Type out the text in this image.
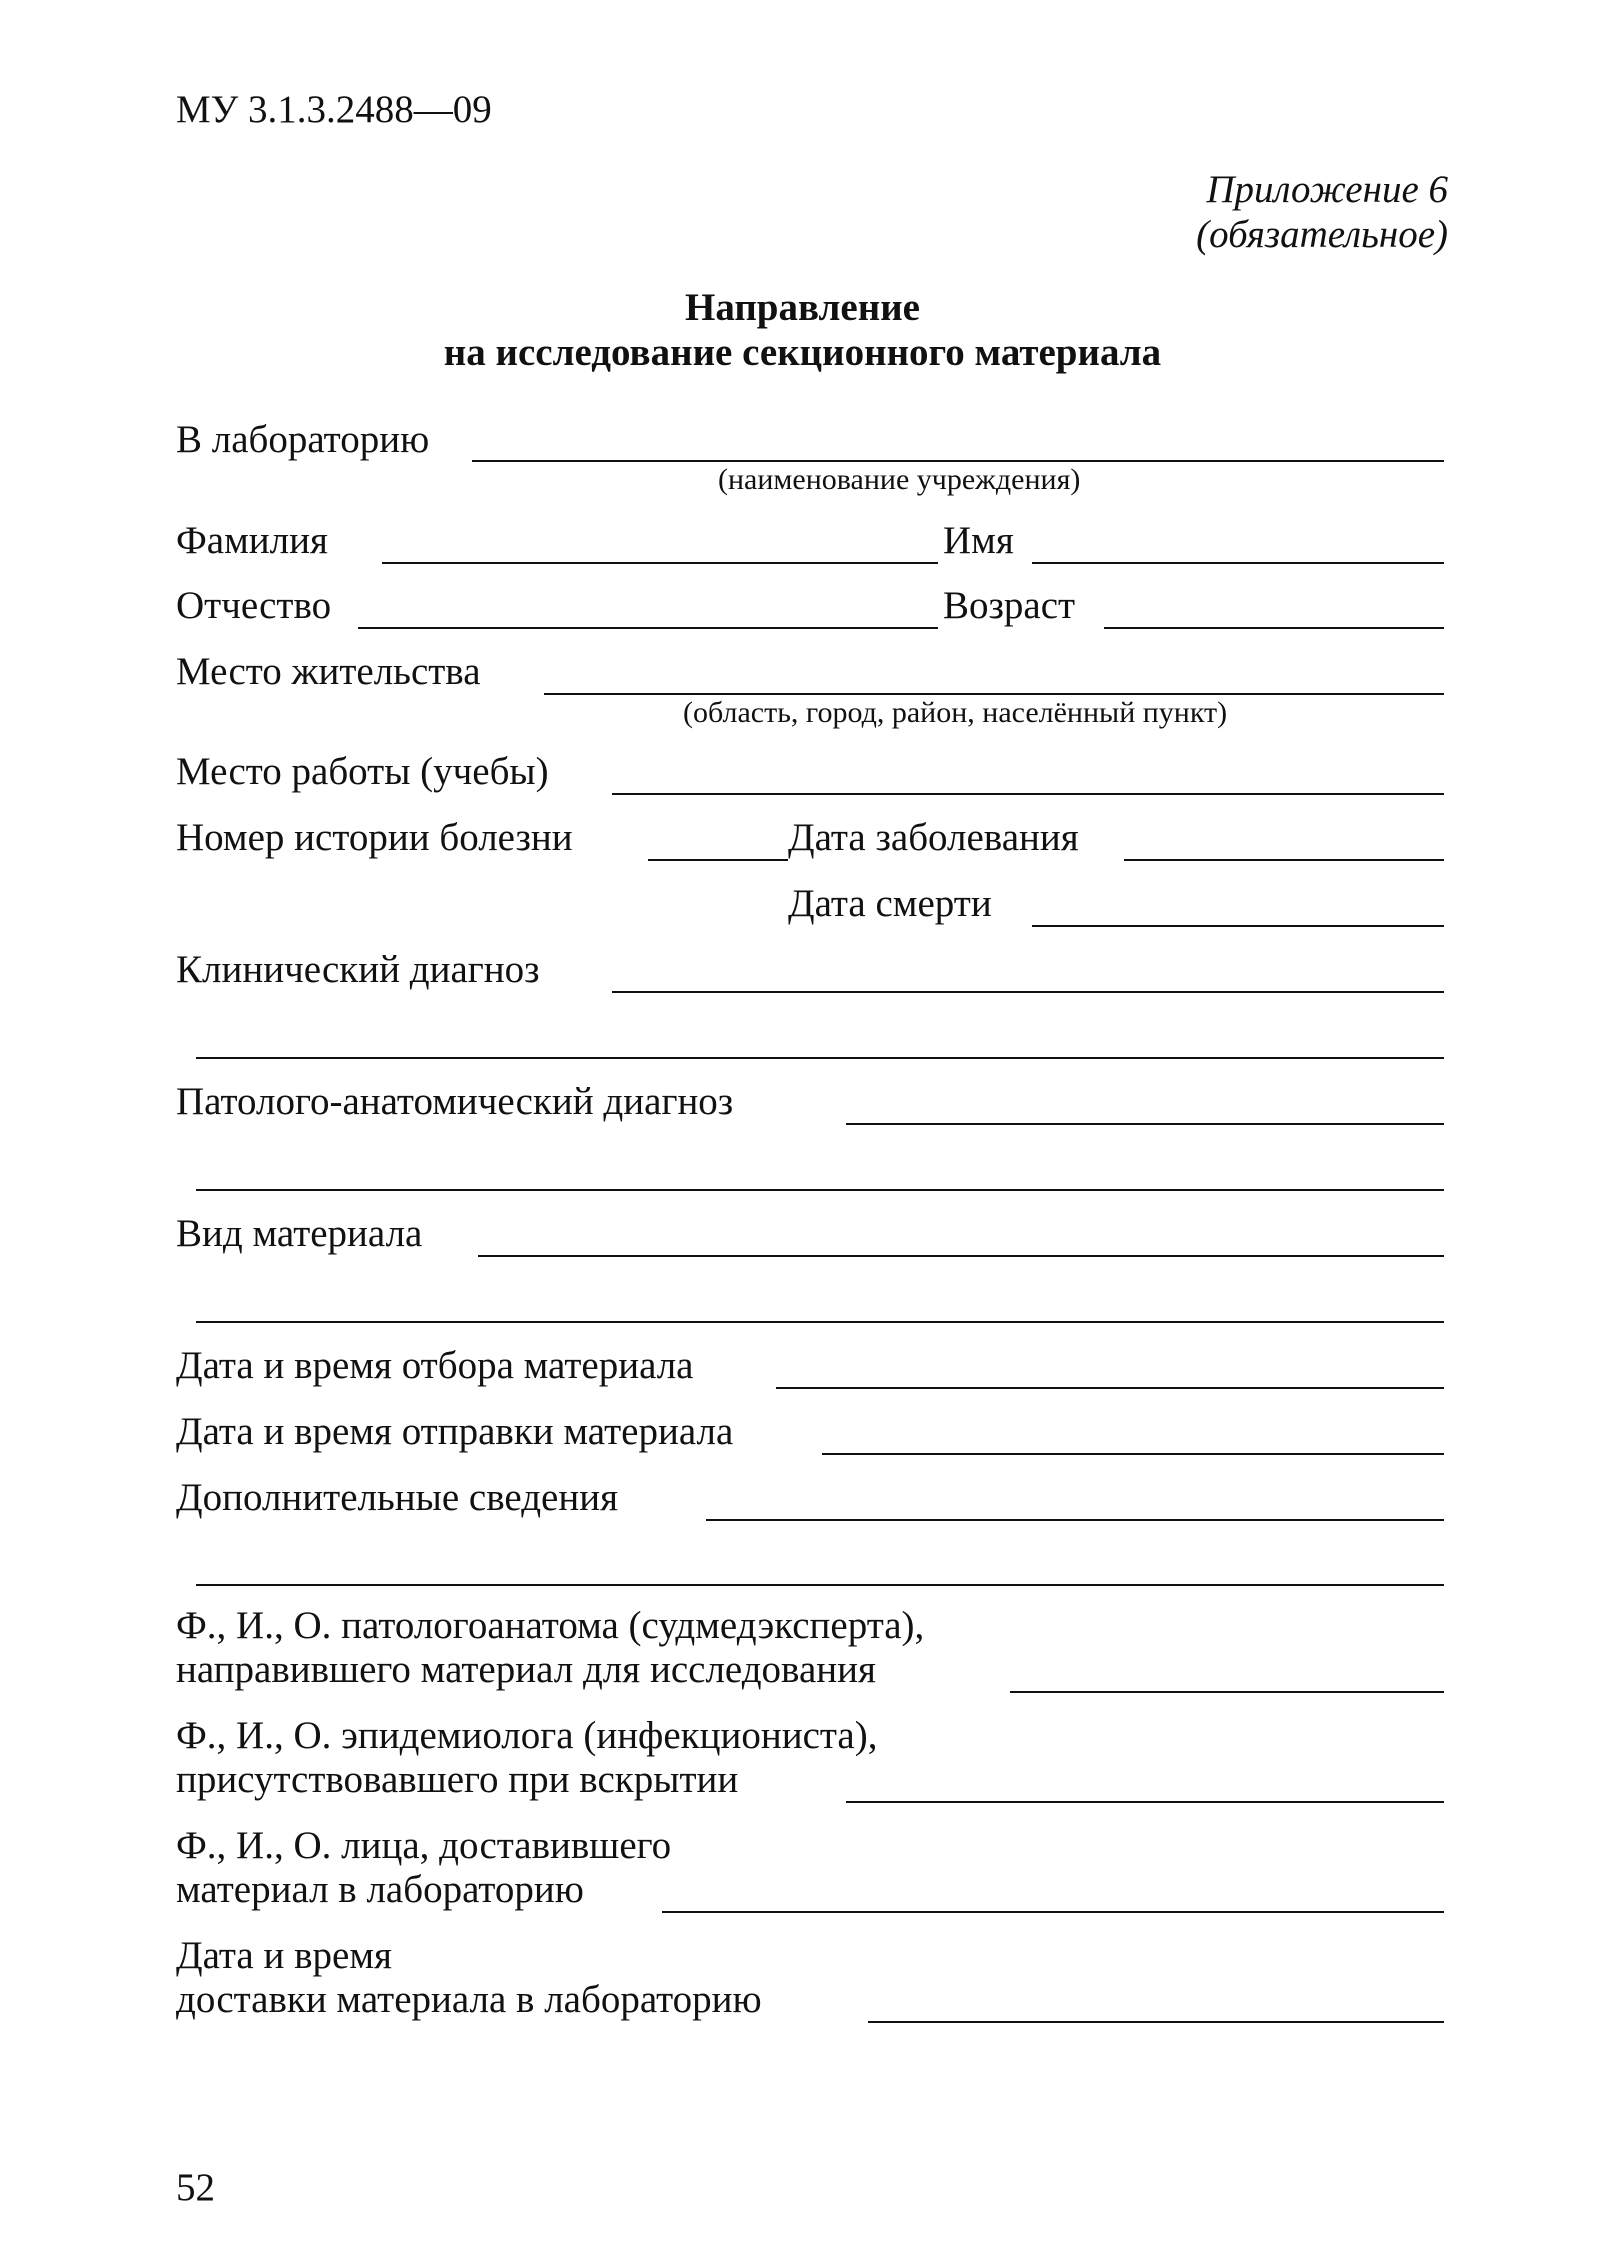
МУ 3.1.3.2488—09
Приложение 6
(обязательное)
Направление
на исследование секционного материала
В лабораторию
(наименование учреждения)
Фамилия	Имя
Отчество	Возраст
Место жительства
(область, город, район, населённый пункт)
Место работы (учебы)
Номер истории болезни	Дата заболевания
Дата смерти
Клинический диагноз
Патолого-анатомический диагноз
Вид материала
Дата и время отбора материала
Дата и время отправки материала
Дополнительные сведения
Ф., И., О. патологоанатома (судмедэксперта),
направившего материал для исследования
Ф., И., О. эпидемиолога (инфекциониста),
присутствовавшего при вскрытии
Ф., И., О. лица, доставившего
материал в лабораторию
Дата и время
доставки материала в лабораторию
52
